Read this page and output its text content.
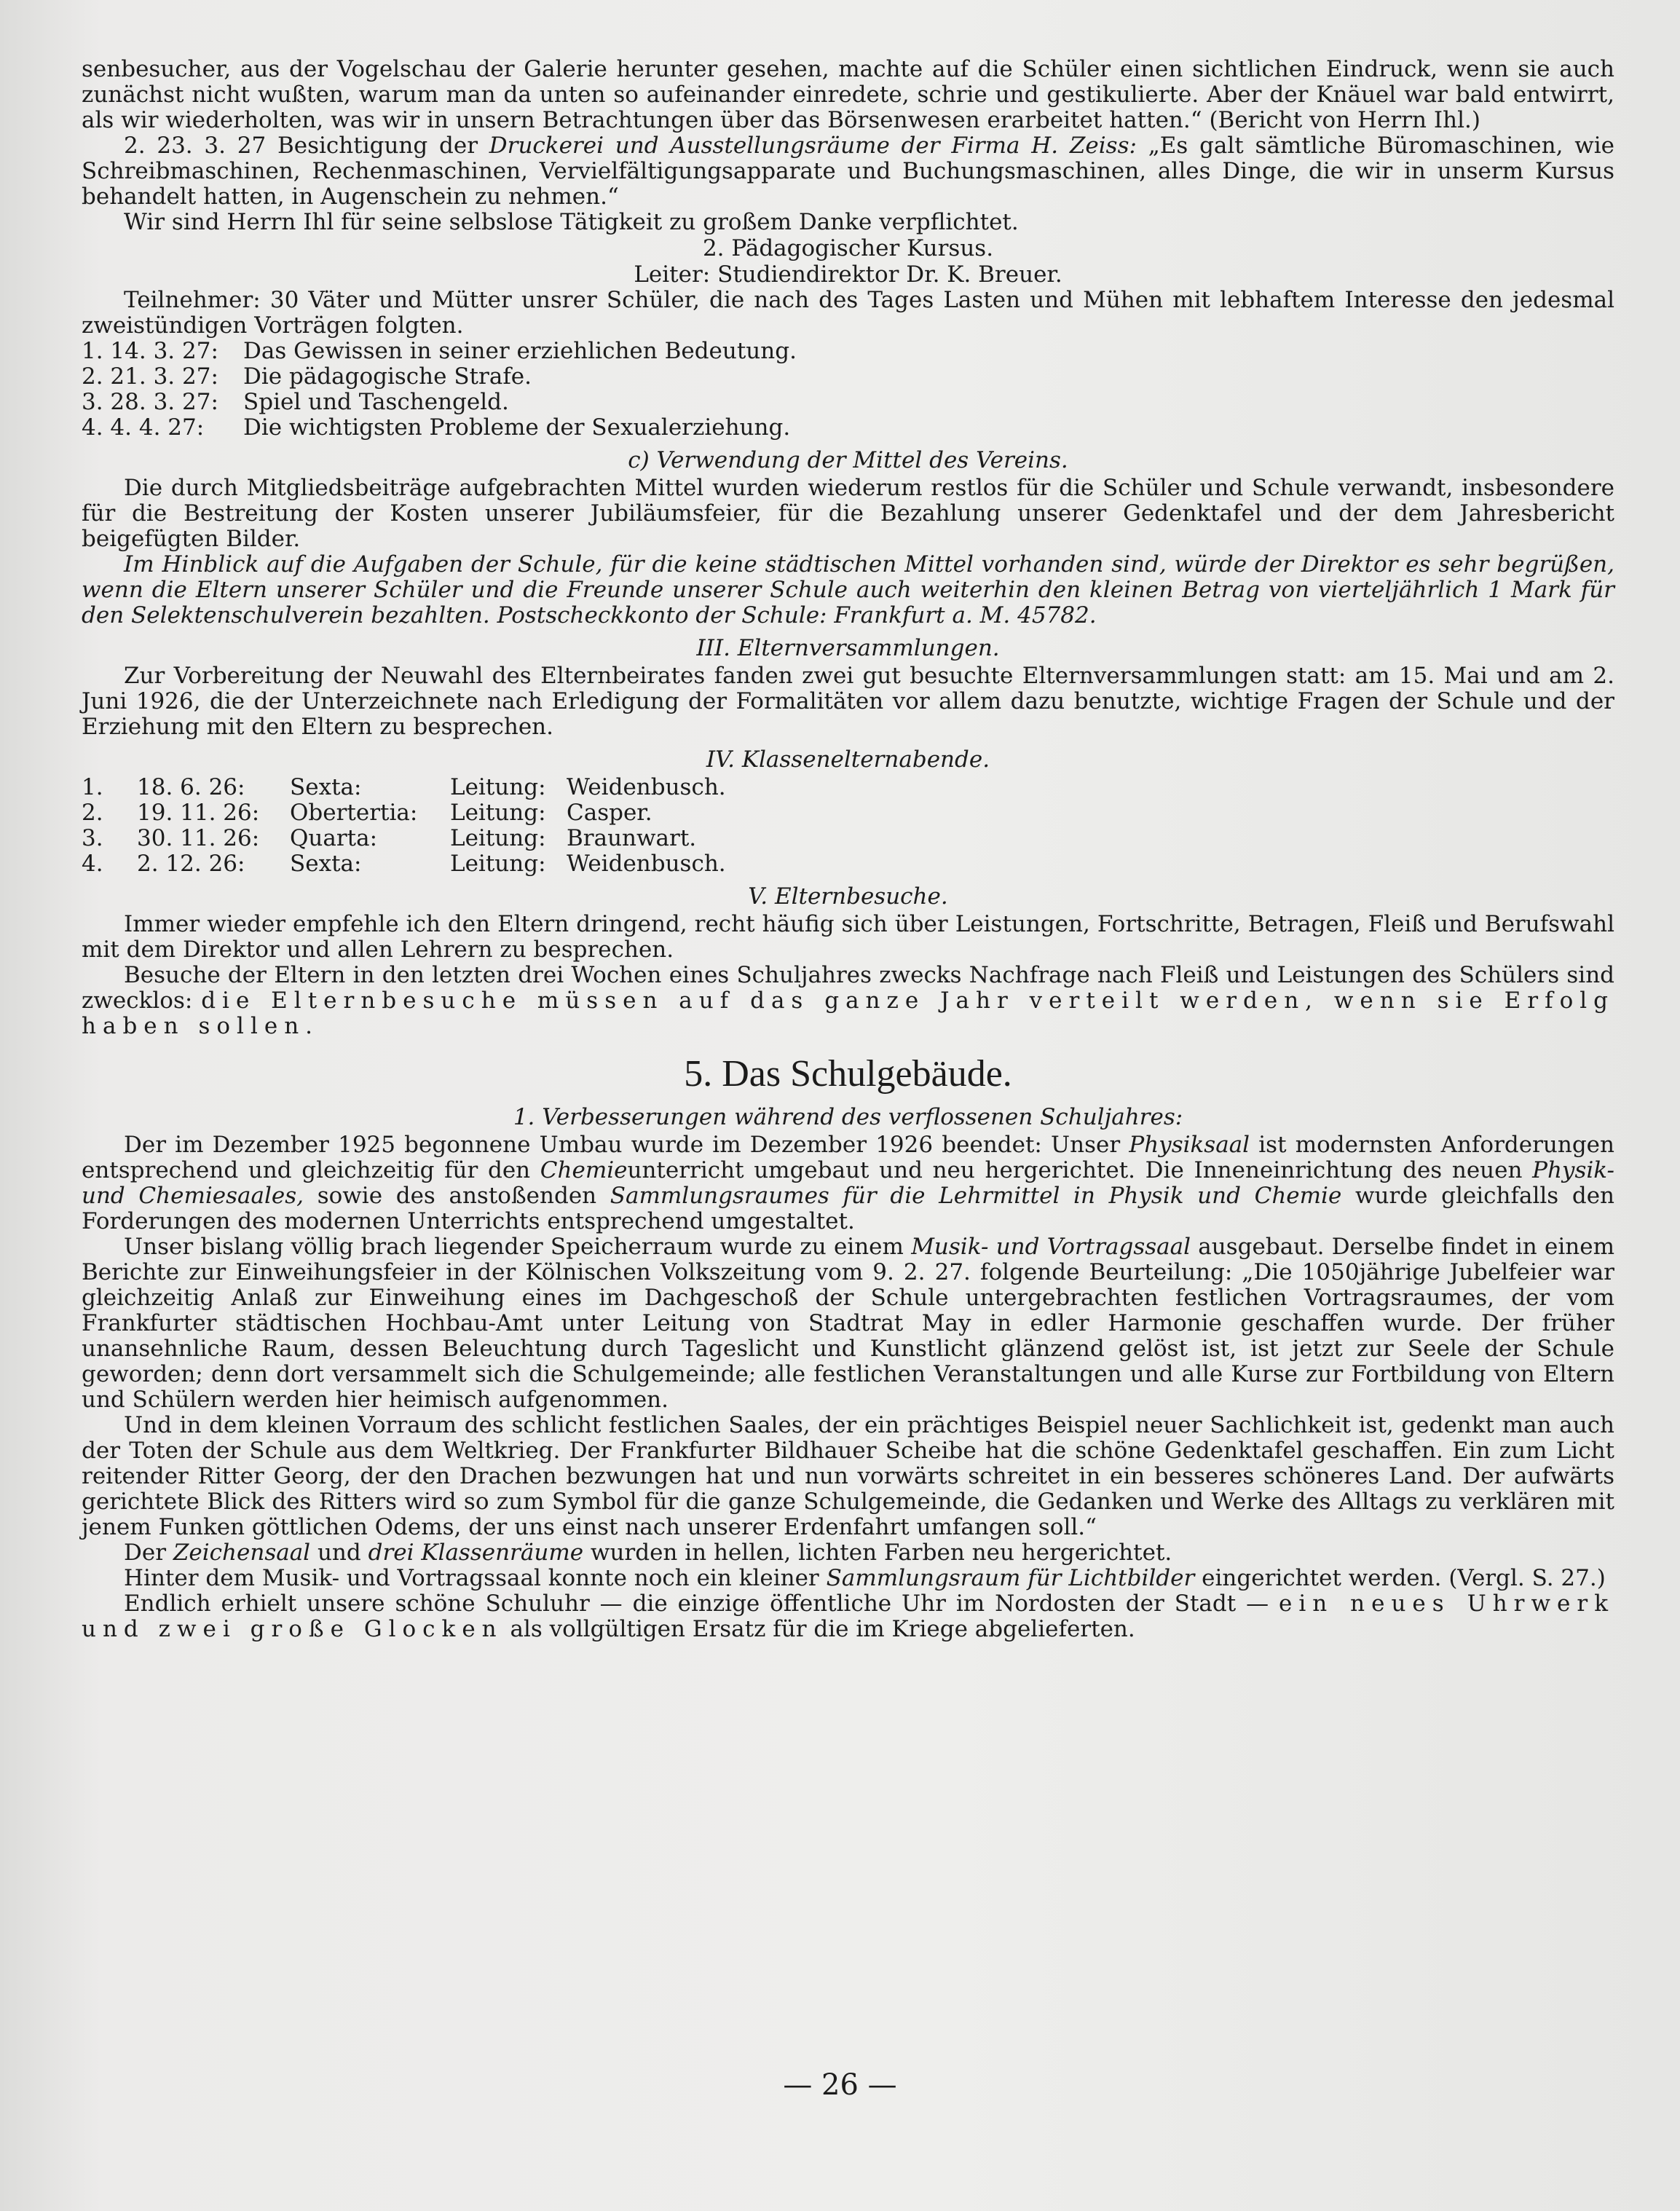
senbesucher, aus der Vogelschau der Galerie herunter gesehen, machte auf die Schüler einen sichtlichen Eindruck, wenn sie auch zunächst nicht wußten, warum man da unten so aufeinander einredete, schrie und gestikulierte. Aber der Knäuel war bald entwirrt, als wir wiederholten, was wir in unsern Betrachtungen über das Börsenwesen erarbeitet hatten.“ (Bericht von Herrn Ihl.)

2. 23. 3. 27 Besichtigung der Druckerei und Ausstellungsräume der Firma H. Zeiss: „Es galt sämtliche Büromaschinen, wie Schreibmaschinen, Rechenmaschinen, Vervielfältigungsapparate und Buchungsmaschinen, alles Dinge, die wir in unserm Kursus behandelt hatten, in Augenschein zu nehmen.“

Wir sind Herrn Ihl für seine selbslose Tätigkeit zu großem Danke verpflichtet.

2. Pädagogischer Kursus.

Leiter: Studiendirektor Dr. K. Breuer.

Teilnehmer: 30 Väter und Mütter unsrer Schüler, die nach des Tages Lasten und Mühen mit lebhaftem Interesse den jedesmal zweistündigen Vorträgen folgten.

1. 14. 3. 27:	Das Gewissen in seiner erziehlichen Bedeutung.
2. 21. 3. 27:	Die pädagogische Strafe.
3. 28. 3. 27:	Spiel und Taschengeld.
4. 4. 4. 27:	Die wichtigsten Probleme der Sexualerziehung.

c) Verwendung der Mittel des Vereins.

Die durch Mitgliedsbeiträge aufgebrachten Mittel wurden wiederum restlos für die Schüler und Schule verwandt, insbesondere für die Bestreitung der Kosten unserer Jubiläumsfeier, für die Bezahlung unserer Gedenktafel und der dem Jahresbericht beigefügten Bilder.

Im Hinblick auf die Aufgaben der Schule, für die keine städtischen Mittel vorhanden sind, würde der Direktor es sehr begrüßen, wenn die Eltern unserer Schüler und die Freunde unserer Schule auch weiterhin den kleinen Betrag von vierteljährlich 1 Mark für den Selektenschulverein bezahlten. Postscheckkonto der Schule: Frankfurt a. M. 45782.

III. Elternversammlungen.

Zur Vorbereitung der Neuwahl des Elternbeirates fanden zwei gut besuchte Elternversammlungen statt: am 15. Mai und am 2. Juni 1926, die der Unterzeichnete nach Erledigung der Formalitäten vor allem dazu benutzte, wichtige Fragen der Schule und der Erziehung mit den Eltern zu besprechen.

IV. Klassenelternabende.

1.	18. 6. 26:	Sexta:	Leitung: Weidenbusch.
2.	19. 11. 26:	Obertertia:	Leitung: Casper.
3.	30. 11. 26:	Quarta:	Leitung: Braunwart.
4.	2. 12. 26:	Sexta:	Leitung: Weidenbusch.

V. Elternbesuche.

Immer wieder empfehle ich den Eltern dringend, recht häufig sich über Leistungen, Fortschritte, Betragen, Fleiß und Berufswahl mit dem Direktor und allen Lehrern zu besprechen.

Besuche der Eltern in den letzten drei Wochen eines Schuljahres zwecks Nachfrage nach Fleiß und Leistungen des Schülers sind zwecklos: die Elternbesuche müssen auf das ganze Jahr verteilt werden, wenn sie Erfolg haben sollen.

5. Das Schulgebäude.

1. Verbesserungen während des verflossenen Schuljahres:

Der im Dezember 1925 begonnene Umbau wurde im Dezember 1926 beendet: Unser Physiksaal ist modernsten Anforderungen entsprechend und gleichzeitig für den Chemieunterricht umgebaut und neu hergerichtet. Die Inneneinrichtung des neuen Physik- und Chemiesaales, sowie des anstoßenden Sammlungsraumes für die Lehrmittel in Physik und Chemie wurde gleichfalls den Forderungen des modernen Unterrichts entsprechend umgestaltet.

Unser bislang völlig brach liegender Speicherraum wurde zu einem Musik- und Vortragssaal ausgebaut. Derselbe findet in einem Berichte zur Einweihungsfeier in der Kölnischen Volkszeitung vom 9. 2. 27. folgende Beurteilung: „Die 1050jährige Jubelfeier war gleichzeitig Anlaß zur Einweihung eines im Dachgeschoß der Schule untergebrachten festlichen Vortragsraumes, der vom Frankfurter städtischen Hochbau-Amt unter Leitung von Stadtrat May in edler Harmonie geschaffen wurde. Der früher unansehnliche Raum, dessen Beleuchtung durch Tageslicht und Kunstlicht glänzend gelöst ist, ist jetzt zur Seele der Schule geworden; denn dort versammelt sich die Schulgemeinde; alle festlichen Veranstaltungen und alle Kurse zur Fortbildung von Eltern und Schülern werden hier heimisch aufgenommen.

Und in dem kleinen Vorraum des schlicht festlichen Saales, der ein prächtiges Beispiel neuer Sachlichkeit ist, gedenkt man auch der Toten der Schule aus dem Weltkrieg. Der Frankfurter Bildhauer Scheibe hat die schöne Gedenktafel geschaffen. Ein zum Licht reitender Ritter Georg, der den Drachen bezwungen hat und nun vorwärts schreitet in ein besseres schöneres Land. Der aufwärts gerichtete Blick des Ritters wird so zum Symbol für die ganze Schulgemeinde, die Gedanken und Werke des Alltags zu verklären mit jenem Funken göttlichen Odems, der uns einst nach unserer Erdenfahrt umfangen soll.“

Der Zeichensaal und drei Klassenräume wurden in hellen, lichten Farben neu hergerichtet.

Hinter dem Musik- und Vortragssaal konnte noch ein kleiner Sammlungsraum für Lichtbilder eingerichtet werden. (Vergl. S. 27.)

Endlich erhielt unsere schöne Schuluhr — die einzige öffentliche Uhr im Nordosten der Stadt — ein neues Uhrwerk und zwei große Glocken als vollgültigen Ersatz für die im Kriege abgelieferten.

— 26 —
